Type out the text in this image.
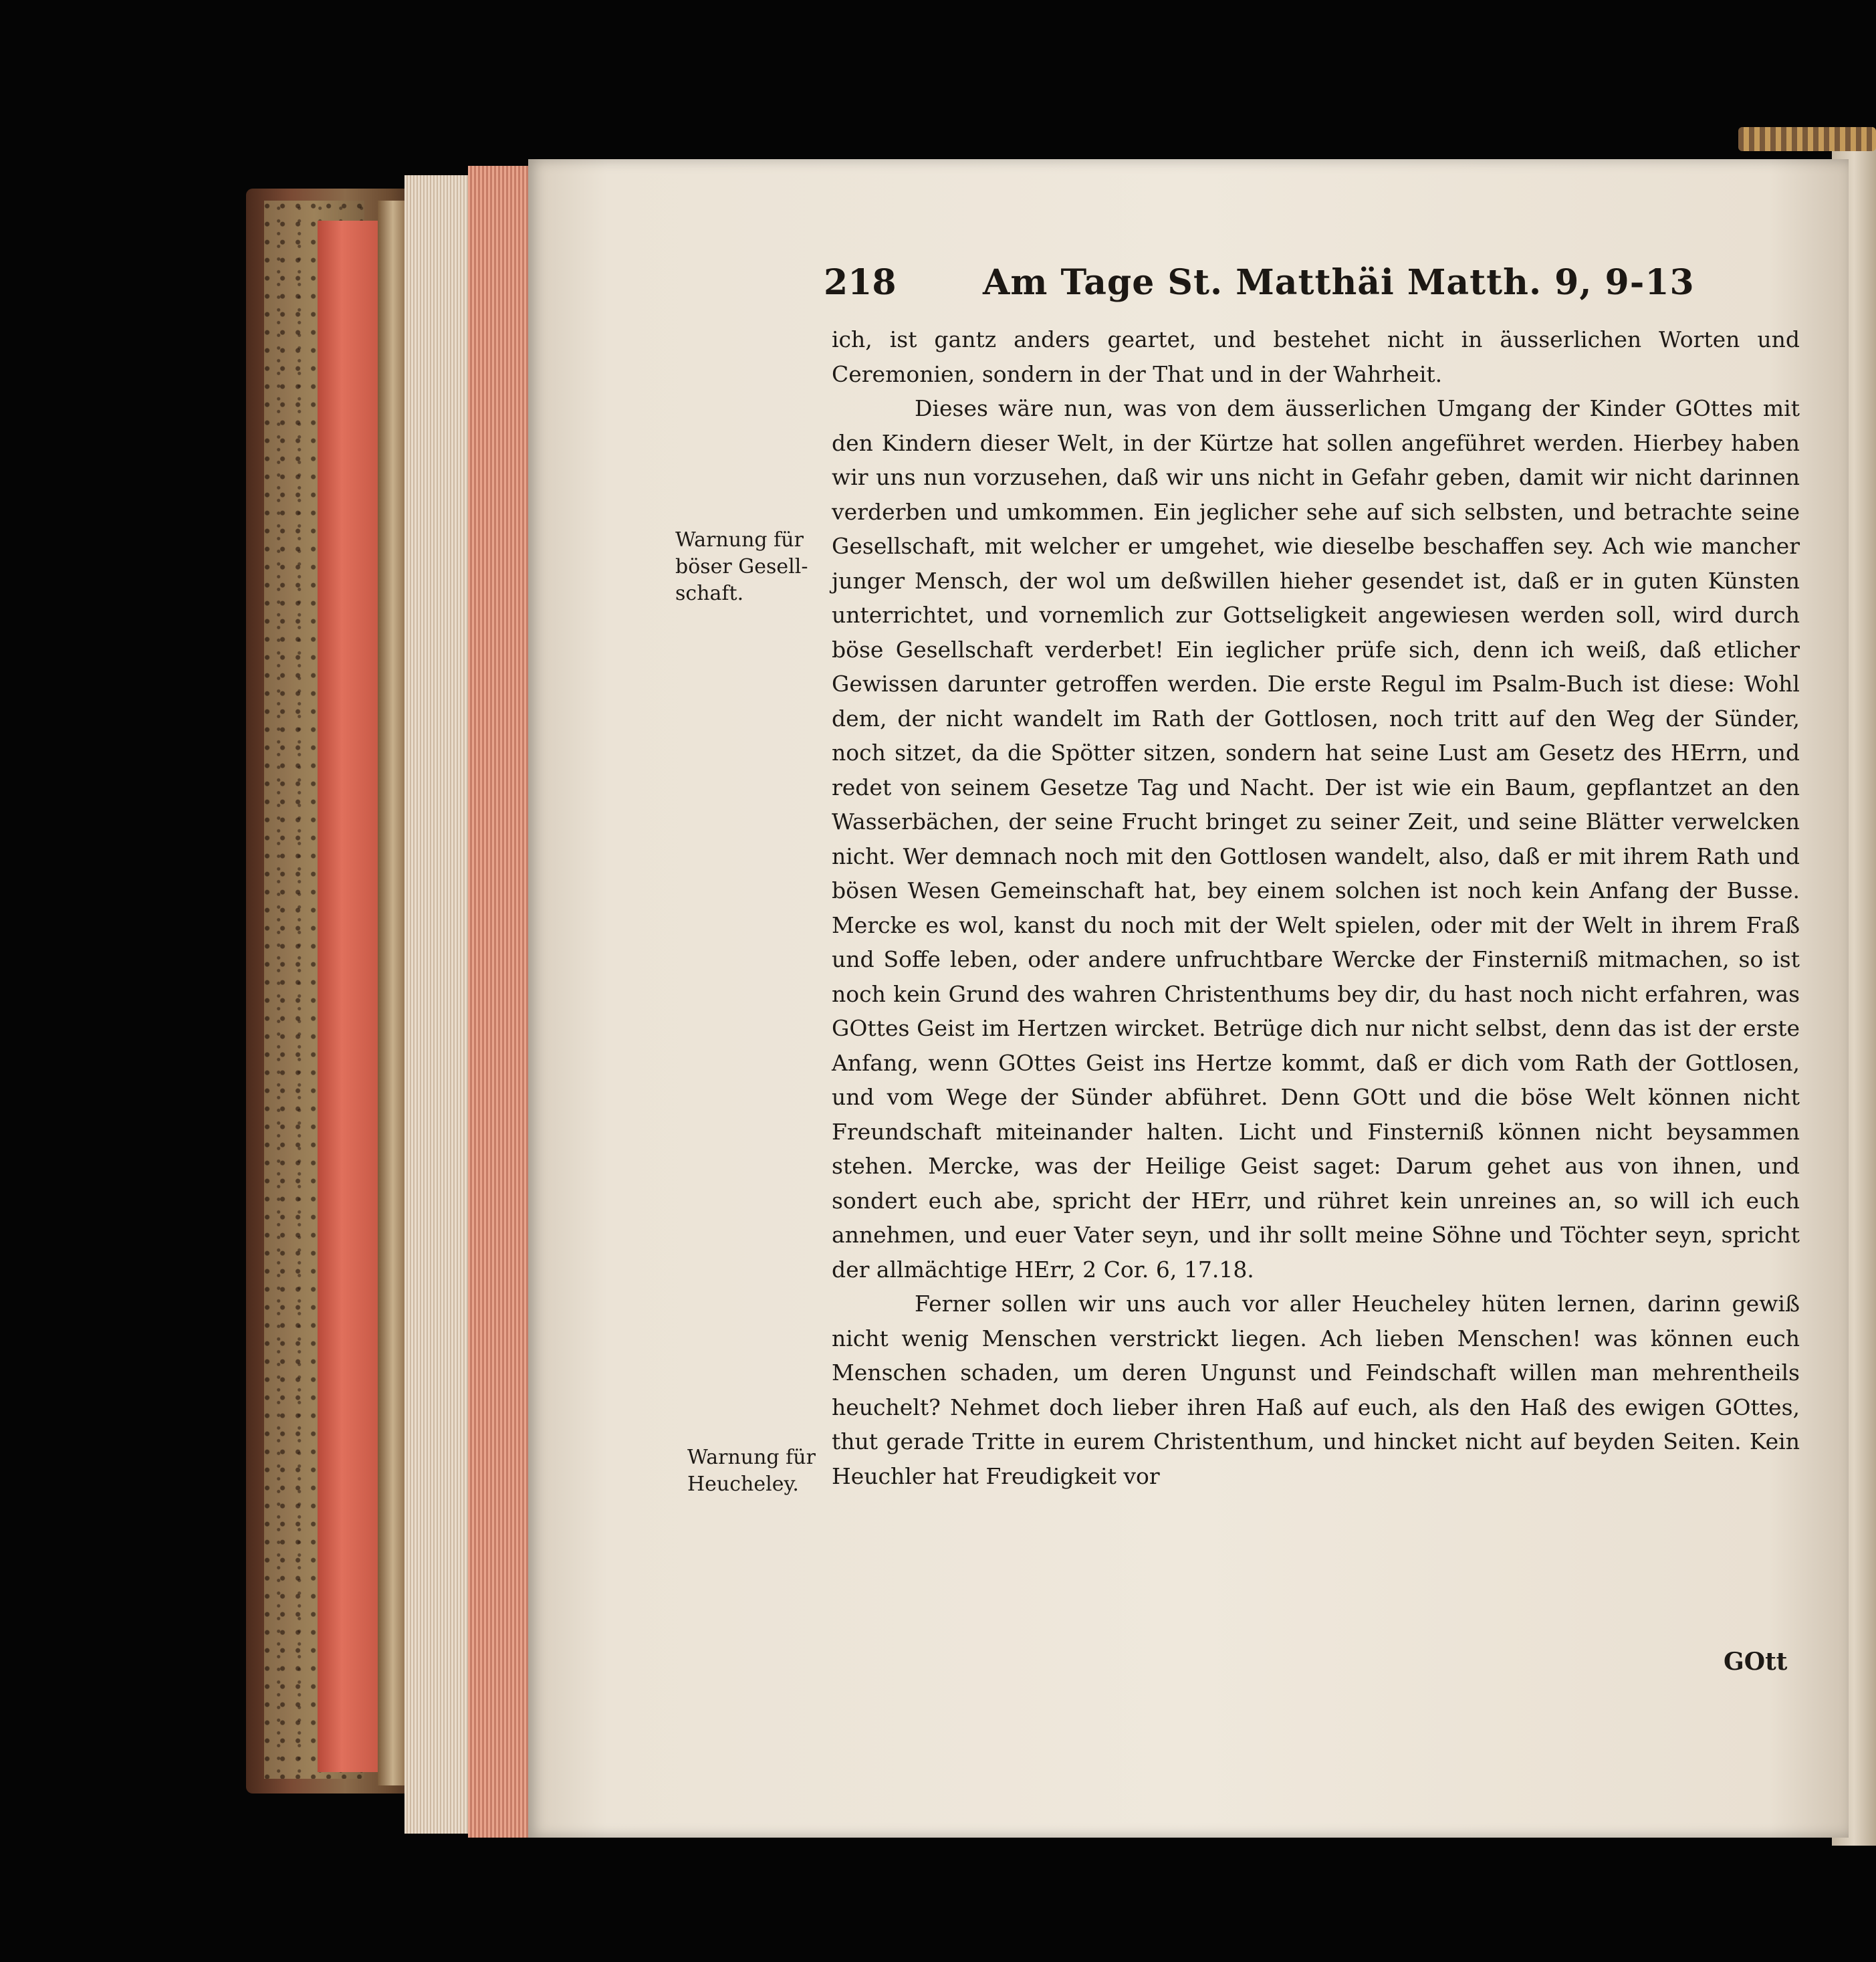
218 Am Tage St. Matthäi Matth. 9, 9-13
Warnung für böser Gesell-schaft.
Warnung für Heucheley.

ich, ist gantz anders geartet, und bestehet nicht in äusserlichen Worten und Ceremonien, sondern in der That und in der Wahrheit.

Dieses wäre nun, was von dem äusserlichen Umgang der Kinder GOttes mit den Kindern dieser Welt, in der Kürtze hat sollen angeführet werden. Hierbey haben wir uns nun vorzusehen, daß wir uns nicht in Gefahr geben, damit wir nicht darinnen verderben und umkommen. Ein jeglicher sehe auf sich selbsten, und betrachte seine Gesellschaft, mit welcher er umgehet, wie dieselbe beschaffen sey. Ach wie mancher junger Mensch, der wol um deßwillen hieher gesendet ist, daß er in guten Künsten unterrichtet, und vornemlich zur Gottseligkeit angewiesen werden soll, wird durch böse Gesellschaft verderbet! Ein ieglicher prüfe sich, denn ich weiß, daß etlicher Gewissen darunter getroffen werden. Die erste Regul im Psalm-Buch ist diese: Wohl dem, der nicht wandelt im Rath der Gottlosen, noch tritt auf den Weg der Sünder, noch sitzet, da die Spötter sitzen, sondern hat seine Lust am Gesetz des HErrn, und redet von seinem Gesetze Tag und Nacht. Der ist wie ein Baum, gepflantzet an den Wasserbächen, der seine Frucht bringet zu seiner Zeit, und seine Blätter verwelcken nicht. Wer demnach noch mit den Gottlosen wandelt, also, daß er mit ihrem Rath und bösen Wesen Gemeinschaft hat, bey einem solchen ist noch kein Anfang der Busse. Mercke es wol, kanst du noch mit der Welt spielen, oder mit der Welt in ihrem Fraß und Soffe leben, oder andere unfruchtbare Wercke der Finsterniß mitmachen, so ist noch kein Grund des wahren Christenthums bey dir, du hast noch nicht erfahren, was GOttes Geist im Hertzen wircket. Betrüge dich nur nicht selbst, denn das ist der erste Anfang, wenn GOttes Geist ins Hertze kommt, daß er dich vom Rath der Gottlosen, und vom Wege der Sünder abführet. Denn GOtt und die böse Welt können nicht Freundschaft miteinander halten. Licht und Finsterniß können nicht beysammen stehen. Mercke, was der Heilige Geist saget: Darum gehet aus von ihnen, und sondert euch abe, spricht der HErr, und rühret kein unreines an, so will ich euch annehmen, und euer Vater seyn, und ihr sollt meine Söhne und Töchter seyn, spricht der allmächtige HErr, 2 Cor. 6, 17.18.

Ferner sollen wir uns auch vor aller Heucheley hüten lernen, darinn gewiß nicht wenig Menschen verstrickt liegen. Ach lieben Menschen! was können euch Menschen schaden, um deren Ungunst und Feindschaft willen man mehrentheils heuchelt? Nehmet doch lieber ihren Haß auf euch, als den Haß des ewigen GOttes, thut gerade Tritte in eurem Christenthum, und hincket nicht auf beyden Seiten. Kein Heuchler hat Freudigkeit vor

GOtt
